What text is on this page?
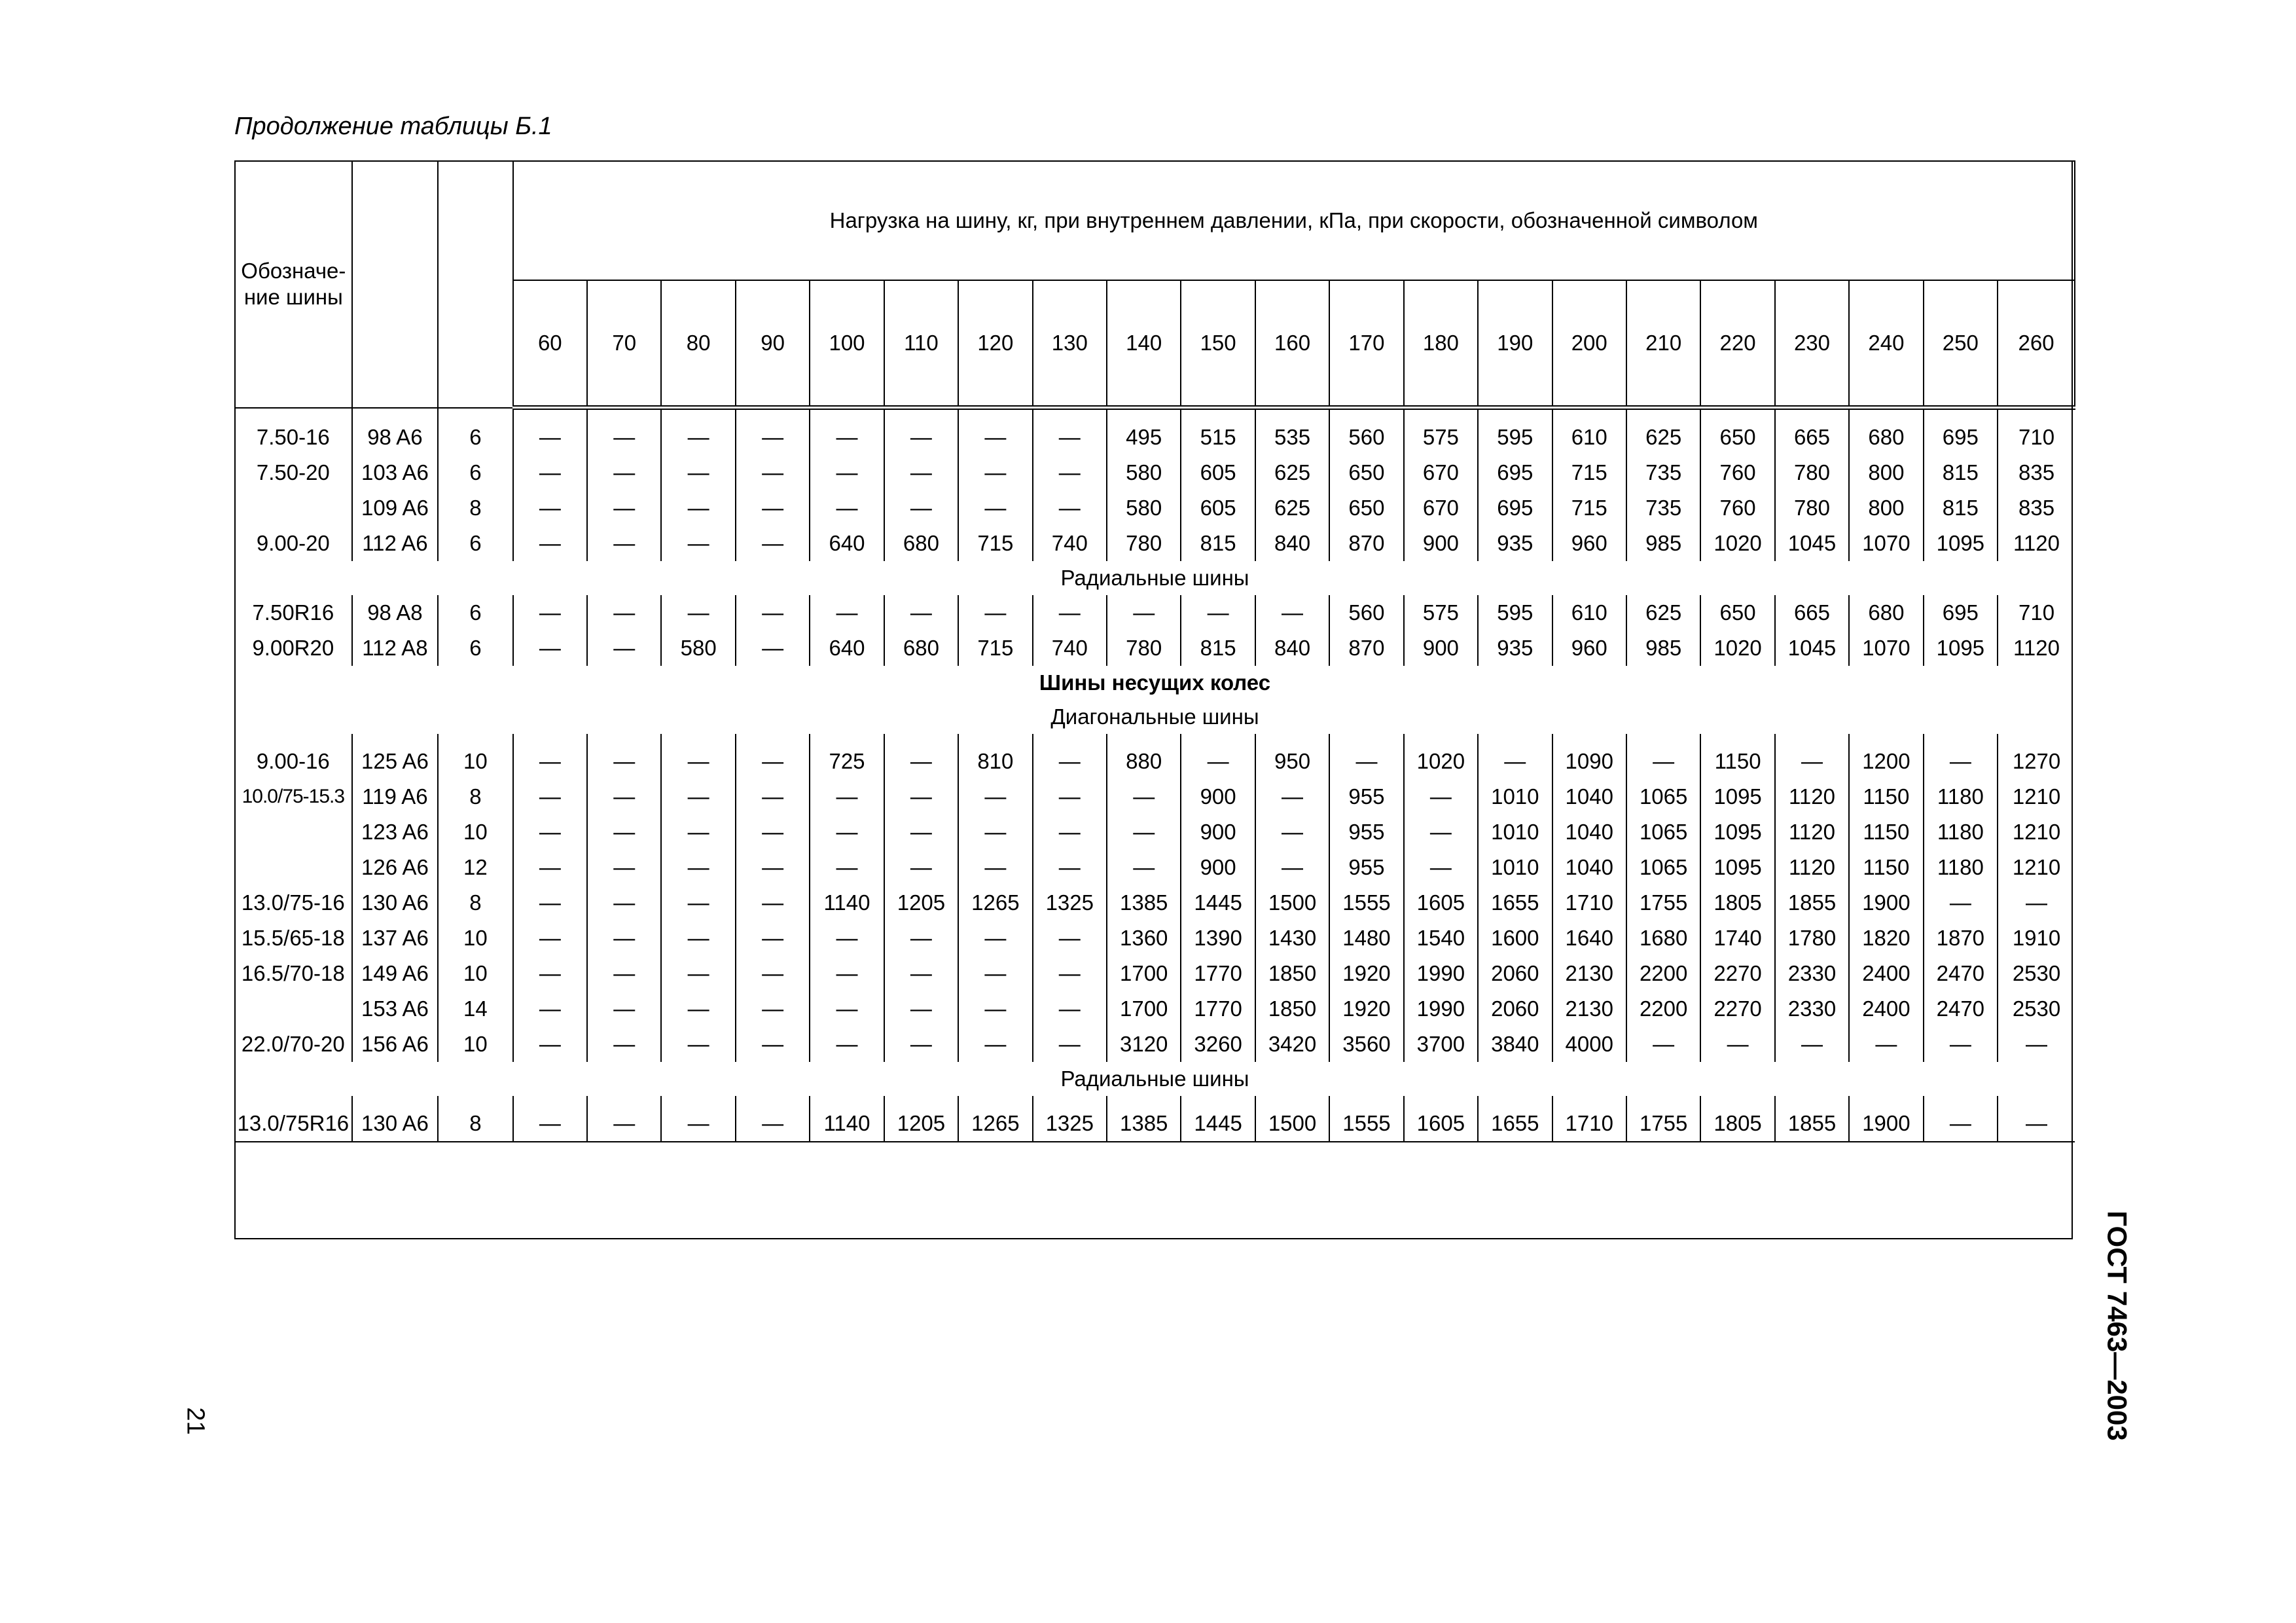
Продолжение таблицы Б.1
Обозначе-ние шины			Нагрузка на шину, кг, при внутреннем давлении, кПа, при скорости, обозначенной символом																				
			60	70	80	90	100	110	120	130	140	150	160	170	180	190	200	210	220	230	240	250	260

7.50-16	98 A6	6	—	—	—	—	—	—	—	—	495	515	535	560	575	595	610	625	650	665	680	695	710
7.50-20	103 A6	6	—	—	—	—	—	—	—	—	580	605	625	650	670	695	715	735	760	780	800	815	835
	109 A6	8	—	—	—	—	—	—	—	—	580	605	625	650	670	695	715	735	760	780	800	815	835
9.00-20	112 A6	6	—	—	—	—	640	680	715	740	780	815	840	870	900	935	960	985	1020	1045	1070	1095	1120
Радиальные шины																							
7.50R16	98 A8	6	—	—	—	—	—	—	—	—	—	—	—	560	575	595	610	625	650	665	680	695	710
9.00R20	112 A8	6	—	—	580	—	640	680	715	740	780	815	840	870	900	935	960	985	1020	1045	1070	1095	1120
Шины несущих колес																							
Диагональные шины																							

9.00-16	125 A6	10	—	—	—	—	725	—	810	—	880	—	950	—	1020	—	1090	—	1150	—	1200	—	1270
10.0/75-15.3	119 A6	8	—	—	—	—	—	—	—	—	—	900	—	955	—	1010	1040	1065	1095	1120	1150	1180	1210
	123 A6	10	—	—	—	—	—	—	—	—	—	900	—	955	—	1010	1040	1065	1095	1120	1150	1180	1210
	126 A6	12	—	—	—	—	—	—	—	—	—	900	—	955	—	1010	1040	1065	1095	1120	1150	1180	1210
13.0/75-16	130 A6	8	—	—	—	—	1140	1205	1265	1325	1385	1445	1500	1555	1605	1655	1710	1755	1805	1855	1900	—	—
15.5/65-18	137 A6	10	—	—	—	—	—	—	—	—	1360	1390	1430	1480	1540	1600	1640	1680	1740	1780	1820	1870	1910
16.5/70-18	149 A6	10	—	—	—	—	—	—	—	—	1700	1770	1850	1920	1990	2060	2130	2200	2270	2330	2400	2470	2530
	153 A6	14	—	—	—	—	—	—	—	—	1700	1770	1850	1920	1990	2060	2130	2200	2270	2330	2400	2470	2530
22.0/70-20	156 A6	10	—	—	—	—	—	—	—	—	3120	3260	3420	3560	3700	3840	4000	—	—	—	—	—	—
Радиальные шины																							

13.0/75R16	130 A6	8	—	—	—	—	1140	1205	1265	1325	1385	1445	1500	1555	1605	1655	1710	1755	1805	1855	1900	—	—
ГОСТ 7463—2003
21
